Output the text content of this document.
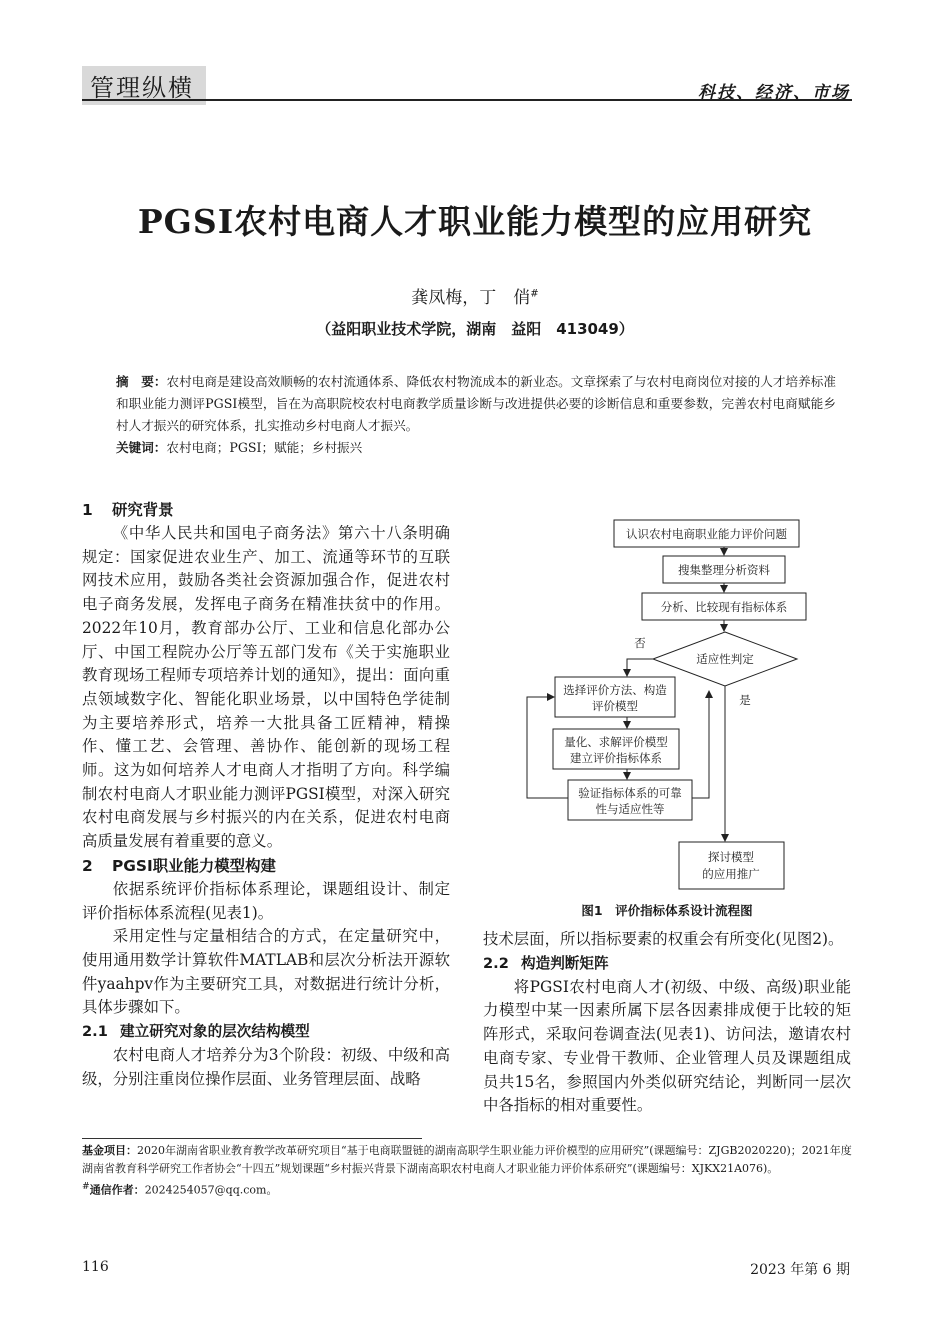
管理纵横	科技、经济、市场
PGSI农村电商人才职业能力模型的应用研究
龚凤梅，丁　俏#
（益阳职业技术学院，湖南　益阳　413049）
摘　要：农村电商是建设高效顺畅的农村流通体系、降低农村物流成本的新业态。文章探索了与农村电商岗位对接的人才培养标准和职业能力测评PGSI模型，旨在为高职院校农村电商教学质量诊断与改进提供必要的诊断信息和重要参数，完善农村电商赋能乡村人才振兴的研究体系，扎实推动乡村电商人才振兴。
关键词：农村电商；PGSI；赋能；乡村振兴
1 研究背景

《中华人民共和国电子商务法》第六十八条明确规定：国家促进农业生产、加工、流通等环节的互联网技术应用，鼓励各类社会资源加强合作，促进农村电子商务发展，发挥电子商务在精准扶贫中的作用。2022年10月，教育部办公厅、工业和信息化部办公厅、中国工程院办公厅等五部门发布《关于实施职业教育现场工程师专项培养计划的通知》，提出：面向重点领域数字化、智能化职业场景，以中国特色学徒制为主要培养形式，培养一大批具备工匠精神，精操作、懂工艺、会管理、善协作、能创新的现场工程师。这为如何培养人才电商人才指明了方向。科学编制农村电商人才职业能力测评PGSI模型，对深入研究农村电商发展与乡村振兴的内在关系，促进农村电商高质量发展有着重要的意义。

2 PGSI职业能力模型构建

依据系统评价指标体系理论，课题组设计、制定评价指标体系流程(见表1)。

采用定性与定量相结合的方式，在定量研究中，使用通用数学计算软件MATLAB和层次分析法开源软件yaahpv作为主要研究工具，对数据进行统计分析，具体步骤如下。

2.1 建立研究对象的层次结构模型

农村电商人才培养分为3个阶段：初级、中级和高级，分别注重岗位操作层面、业务管理层面、战略

认识农村电商职业能力评价问题
搜集整理分析资料
分析、比较现有指标体系
适应性判定
否
是
选择评价方法、构造
评价模型
量化、求解评价模型
建立评价指标体系
验证指标体系的可靠
性与适应性等
探讨模型
的应用推广
图1　评价指标体系设计流程图

技术层面，所以指标要素的权重会有所变化(见图2)。

2.2 构造判断矩阵

将PGSI农村电商人才(初级、中级、高级)职业能力模型中某一因素所属下层各因素排成便于比较的矩阵形式，采取问卷调查法(见表1)、访问法，邀请农村电商专家、专业骨干教师、企业管理人员及课题组成员共15名，参照国内外类似研究结论，判断同一层次中各指标的相对重要性。

基金项目：2020年湖南省职业教育教学改革研究项目“基于电商联盟链的湖南高职学生职业能力评价模型的应用研究”(课题编号：ZJGB2020220)；2021年度湖南省教育科学研究工作者协会“十四五”规划课题“乡村振兴背景下湖南高职农村电商人才职业能力评价体系研究”(课题编号：XJKX21A076)。
#通信作者：2024254057@qq.com。
116	2023 年第 6 期
